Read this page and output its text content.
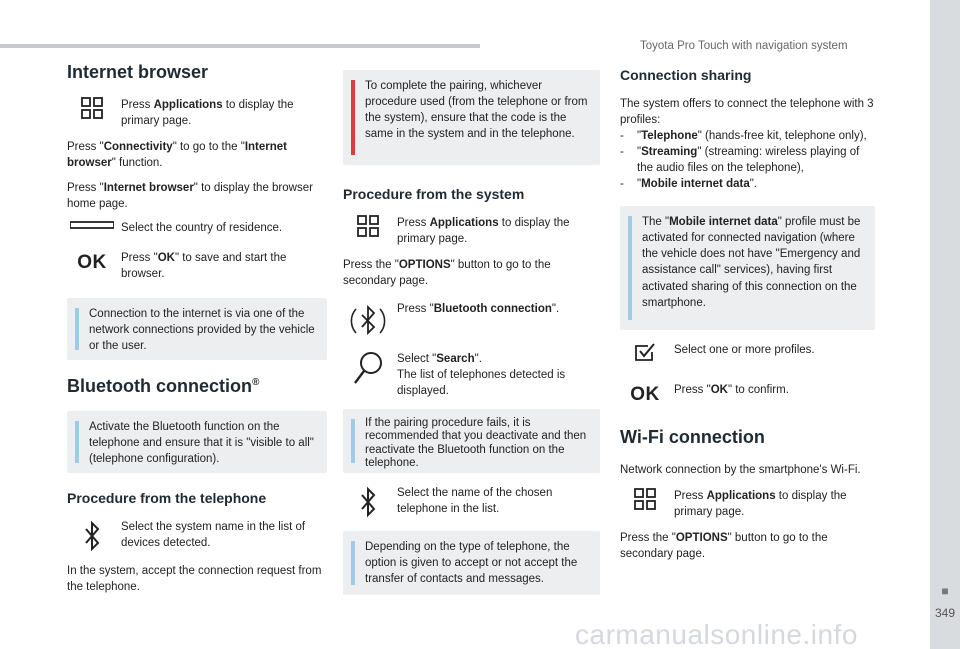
Toyota Pro Touch with navigation system
■
349
carmanualsonline.info
Internet browser
Press Applications to display the primary page.

Press "Connectivity" to go to the "Internet browser" function.

Press "Internet browser" to display the browser home page.

Select the country of residence.
OK	Press "OK" to save and start the browser.
Connection to the internet is via one of the network connections provided by the vehicle or the user.
Bluetooth connection®
Activate the Bluetooth function on the telephone and ensure that it is "visible to all" (telephone configuration).
Procedure from the telephone
Select the system name in the list of devices detected.

In the system, accept the connection request from the telephone.

To complete the pairing, whichever procedure used (from the telephone or from the system), ensure that the code is the same in the system and in the telephone.
Procedure from the system
Press Applications to display the primary page.

Press the "OPTIONS" button to go to the secondary page.

Press "Bluetooth connection".
Select "Search".
The list of telephones detected is displayed.
If the pairing procedure fails, it is recommended that you deactivate and then reactivate the Bluetooth function on the telephone.
Select the name of the chosen telephone in the list.
Depending on the type of telephone, the option is given to accept or not accept the transfer of contacts and messages.
Connection sharing

The system offers to connect the telephone with 3 profiles:

- "Telephone" (hands-free kit, telephone only),
- "Streaming" (streaming: wireless playing of the audio files on the telephone),
- "Mobile internet data".
The "Mobile internet data" profile must be activated for connected navigation (where the vehicle does not have "Emergency and assistance call" services), having first activated sharing of this connection on the smartphone.
Select one or more profiles.
OK	Press "OK" to confirm.
Wi-Fi connection

Network connection by the smartphone's Wi-Fi.

Press Applications to display the primary page.

Press the "OPTIONS" button to go to the secondary page.
